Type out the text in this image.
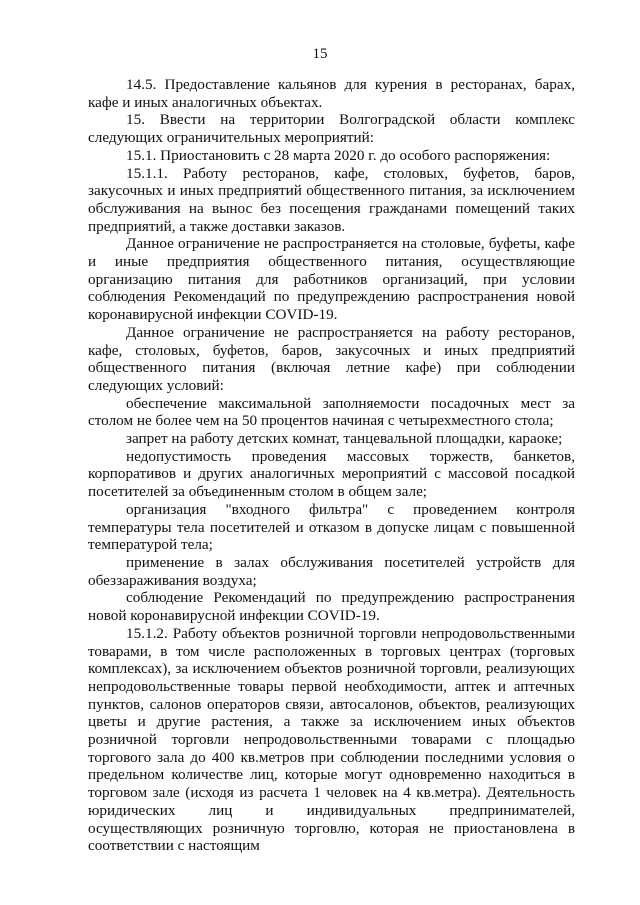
15

14.5. Предоставление кальянов для курения в ресторанах, барах, кафе и иных аналогичных объектах.

15. Ввести на территории Волгоградской области комплекс следующих ограничительных мероприятий:

15.1. Приостановить с 28 марта 2020 г. до особого распоряжения:

15.1.1. Работу ресторанов, кафе, столовых, буфетов, баров, закусочных и иных предприятий общественного питания, за исключением обслуживания на вынос без посещения гражданами помещений таких предприятий, а также доставки заказов.

Данное ограничение не распространяется на столовые, буфеты, кафе и иные предприятия общественного питания, осуществляющие организацию питания для работников организаций, при условии соблюдения Рекомендаций по предупреждению распространения новой коронавирусной инфекции COVID-19.

Данное ограничение не распространяется на работу ресторанов, кафе, столовых, буфетов, баров, закусочных и иных предприятий общественного питания (включая летние кафе) при соблюдении следующих условий:

обеспечение максимальной заполняемости посадочных мест за столом не более чем на 50 процентов начиная с четырехместного стола;

запрет на работу детских комнат, танцевальной площадки, караоке;

недопустимость проведения массовых торжеств, банкетов, корпоративов и других аналогичных мероприятий с массовой посадкой посетителей за объединенным столом в общем зале;

организация "входного фильтра" с проведением контроля температуры тела посетителей и отказом в допуске лицам с повышенной температурой тела;

применение в залах обслуживания посетителей устройств для обеззараживания воздуха;

соблюдение Рекомендаций по предупреждению распространения новой коронавирусной инфекции COVID-19.

15.1.2. Работу объектов розничной торговли непродовольственными товарами, в том числе расположенных в торговых центрах (торговых комплексах), за исключением объектов розничной торговли, реализующих непродовольственные товары первой необходимости, аптек и аптечных пунктов, салонов операторов связи, автосалонов, объектов, реализующих цветы и другие растения, а также за исключением иных объектов розничной торговли непродовольственными товарами с площадью торгового зала до 400 кв.метров при соблюдении последними условия о предельном количестве лиц, которые могут одновременно находиться в торговом зале (исходя из расчета 1 человек на 4 кв.метра). Деятельность юридических лиц и индивидуальных предпринимателей, осуществляющих розничную торговлю, которая не приостановлена в соответствии с настоящим
